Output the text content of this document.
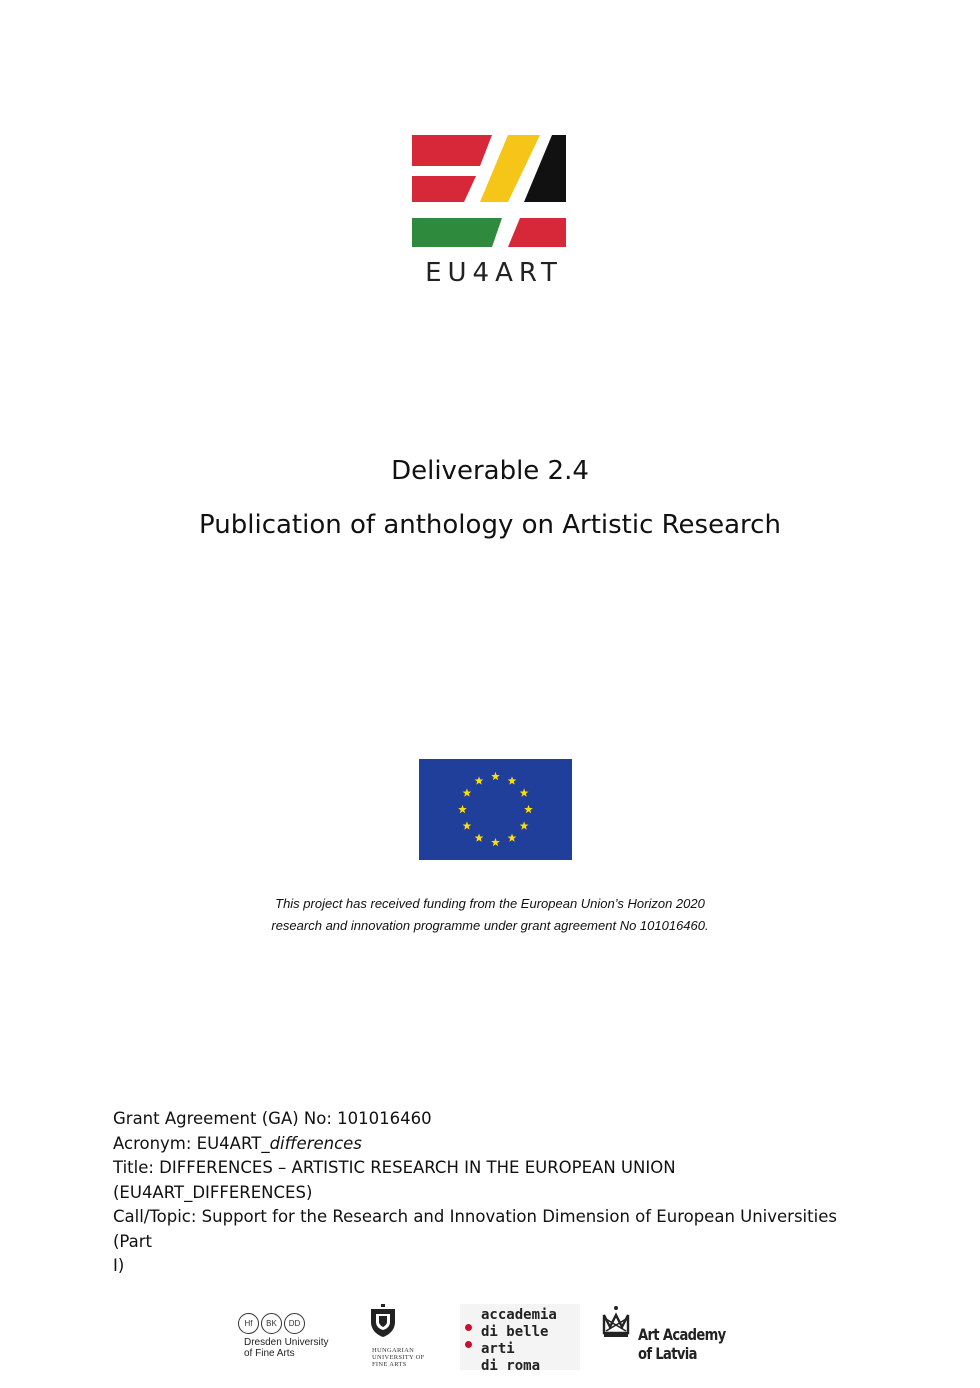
EU4ART
Deliverable 2.4
Publication of anthology on Artistic Research
This project has received funding from the European Union’s Horizon 2020
research and innovation programme under grant agreement No 101016460.

Grant Agreement (GA) No: 101016460

Acronym: EU4ART_differences

Title: DIFFERENCES – ARTISTIC RESEARCH IN THE EUROPEAN UNION

(EU4ART_DIFFERENCES)

Call/Topic: Support for the Research and Innovation Dimension of European Universities (Part

I)

Hf	BK	DD
Dresden University
of Fine Arts	HUNGARIAN
UNIVERSITY OF
FINE ARTS
accademia
di belle arti
di roma
Art Academy
of Latvia
